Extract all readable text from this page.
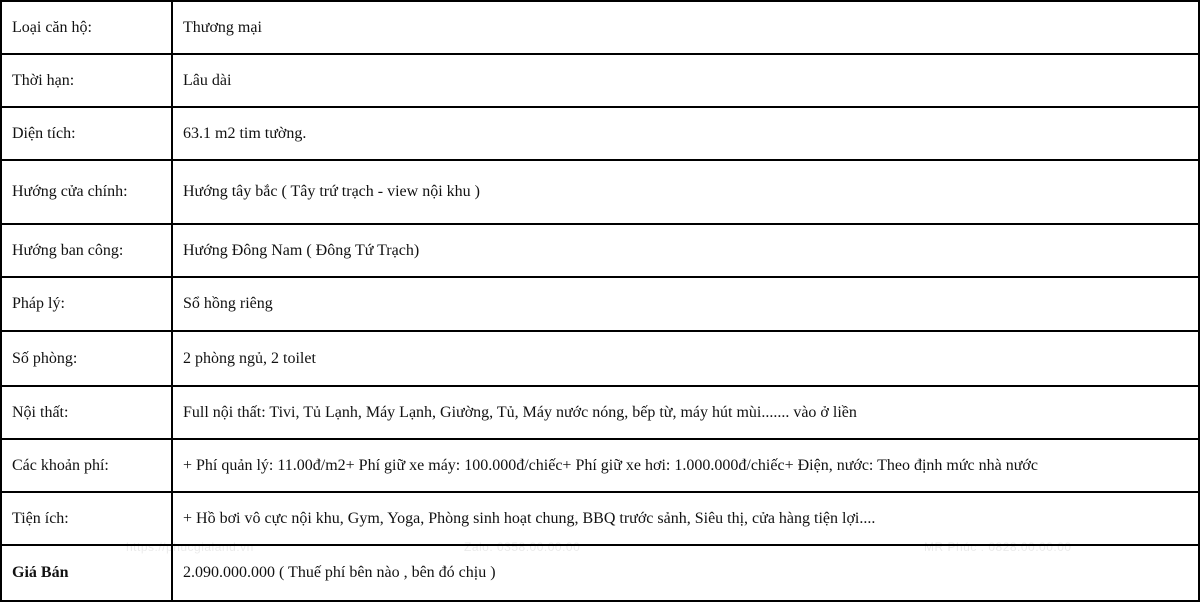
Loại căn hộ:	Thương mại
Thời hạn:	Lâu dài
Diện tích:	63.1 m2 tim tường.
Hướng cửa chính:	Hướng tây bắc ( Tây trứ trạch - view nội khu )
Hướng ban công:	Hướng Đông Nam ( Đông Tứ Trạch)
Pháp lý:	Sổ hồng riêng
Số phòng:	2 phòng ngủ, 2 toilet
Nội thất:	Full nội thất: Tivi, Tủ Lạnh, Máy Lạnh, Giường, Tủ, Máy nước nóng, bếp từ, máy hút mùi....... vào ở liền
Các khoản phí:	+ Phí quản lý: 11.00đ/m2+ Phí giữ xe máy: 100.000đ/chiếc+ Phí giữ xe hơi: 1.000.000đ/chiếc+ Điện, nước: Theo định mức nhà nước
Tiện ích:	+ Hồ bơi vô cực nội khu, Gym, Yoga, Phòng sinh hoạt chung, BBQ trước sảnh, Siêu thị, cửa hàng tiện lợi....
Giá Bán	2.090.000.000 ( Thuế phí bên nào , bên đó chịu )
https://phucgialand.vn	Zalo: 0358.00.00.00	MR Phúc : 0828.00.00.00
